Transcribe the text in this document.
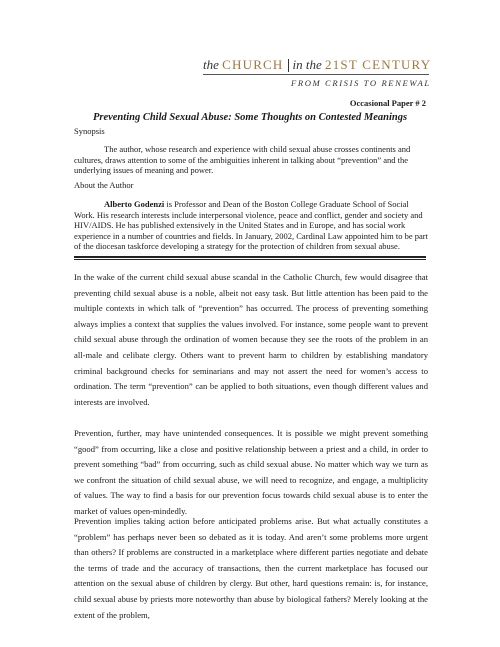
the
CHURCH in the
21ST CENTURY
FROM CRISIS TO RENEWAL
Occasional Paper # 2
Preventing Child Sexual Abuse: Some Thoughts on Contested Meanings
Synopsis
The author, whose research and experience with child sexual abuse crosses continents and cultures, draws attention to some of the ambiguities inherent in talking about “prevention” and the underlying issues of meaning and power.
About the Author
Alberto Godenzi is Professor and Dean of the Boston College Graduate School of Social Work. His research interests include interpersonal violence, peace and conflict, gender and society and HIV/AIDS. He has published extensively in the United States and in Europe, and has social work experience in a number of countries and fields. In January, 2002, Cardinal Law appointed him to be part of the diocesan taskforce developing a strategy for the protection of children from sexual abuse.
In the wake of the current child sexual abuse scandal in the Catholic Church, few would disagree that preventing child sexual abuse is a noble, albeit not easy task. But little attention has been paid to the multiple contexts in which talk of “prevention” has occurred. The process of preventing something always implies a context that supplies the values involved. For instance, some people want to prevent child sexual abuse through the ordination of women because they see the roots of the problem in an all-male and celibate clergy. Others want to prevent harm to children by establishing mandatory criminal background checks for seminarians and may not assert the need for women’s access to ordination. The term “prevention” can be applied to both situations, even though different values and interests are involved.
Prevention, further, may have unintended consequences. It is possible we might prevent something “good” from occurring, like a close and positive relationship between a priest and a child, in order to prevent something “bad” from occurring, such as child sexual abuse. No matter which way we turn as we confront the situation of child sexual abuse, we will need to recognize, and engage, a multiplicity of values. The way to find a basis for our prevention focus towards child sexual abuse is to enter the market of values open-mindedly.
Prevention implies taking action before anticipated problems arise. But what actually constitutes a “problem” has perhaps never been so debated as it is today. And aren’t some problems more urgent than others? If problems are constructed in a marketplace where different parties negotiate and debate the terms of trade and the accuracy of transactions, then the current marketplace has focused our attention on the sexual abuse of children by clergy. But other, hard questions remain: is, for instance, child sexual abuse by priests more noteworthy than abuse by biological fathers? Merely looking at the extent of the problem,
